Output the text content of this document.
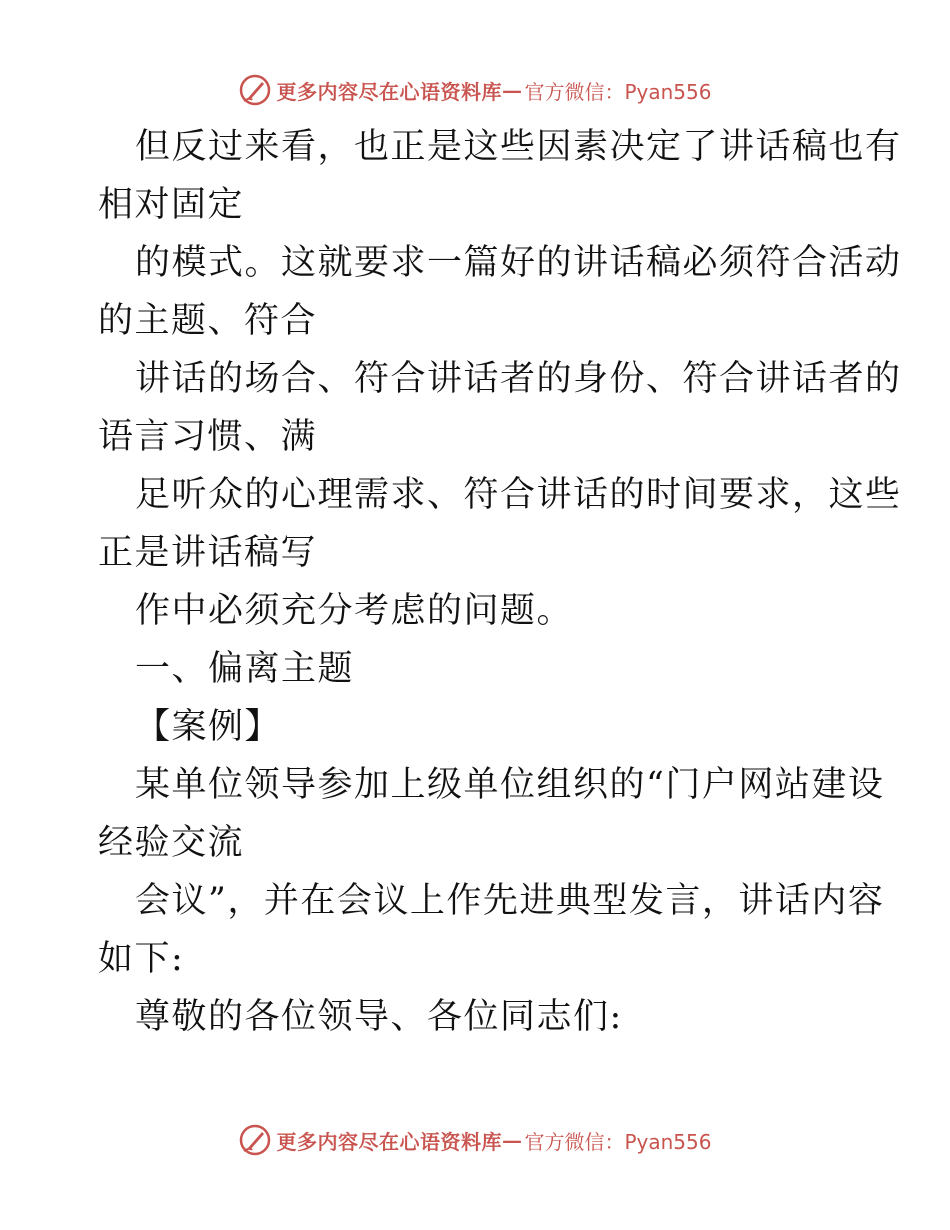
更多内容尽在心语资料库 — 官方微信：Pyan556
但反过来看，也正是这些因素决定了讲话稿也有
相对固定
的模式。这就要求一篇好的讲话稿必须符合活动
的主题、符合
讲话的场合、符合讲话者的身份、符合讲话者的
语言习惯、满
足听众的心理需求、符合讲话的时间要求，这些
正是讲话稿写
作中必须充分考虑的问题。
一、偏离主题
【案例】
某单位领导参加上级单位组织的“门户网站建设
经验交流
会议”，并在会议上作先进典型发言，讲话内容
如下:
尊敬的各位领导、各位同志们:
更多内容尽在心语资料库 — 官方微信：Pyan556
